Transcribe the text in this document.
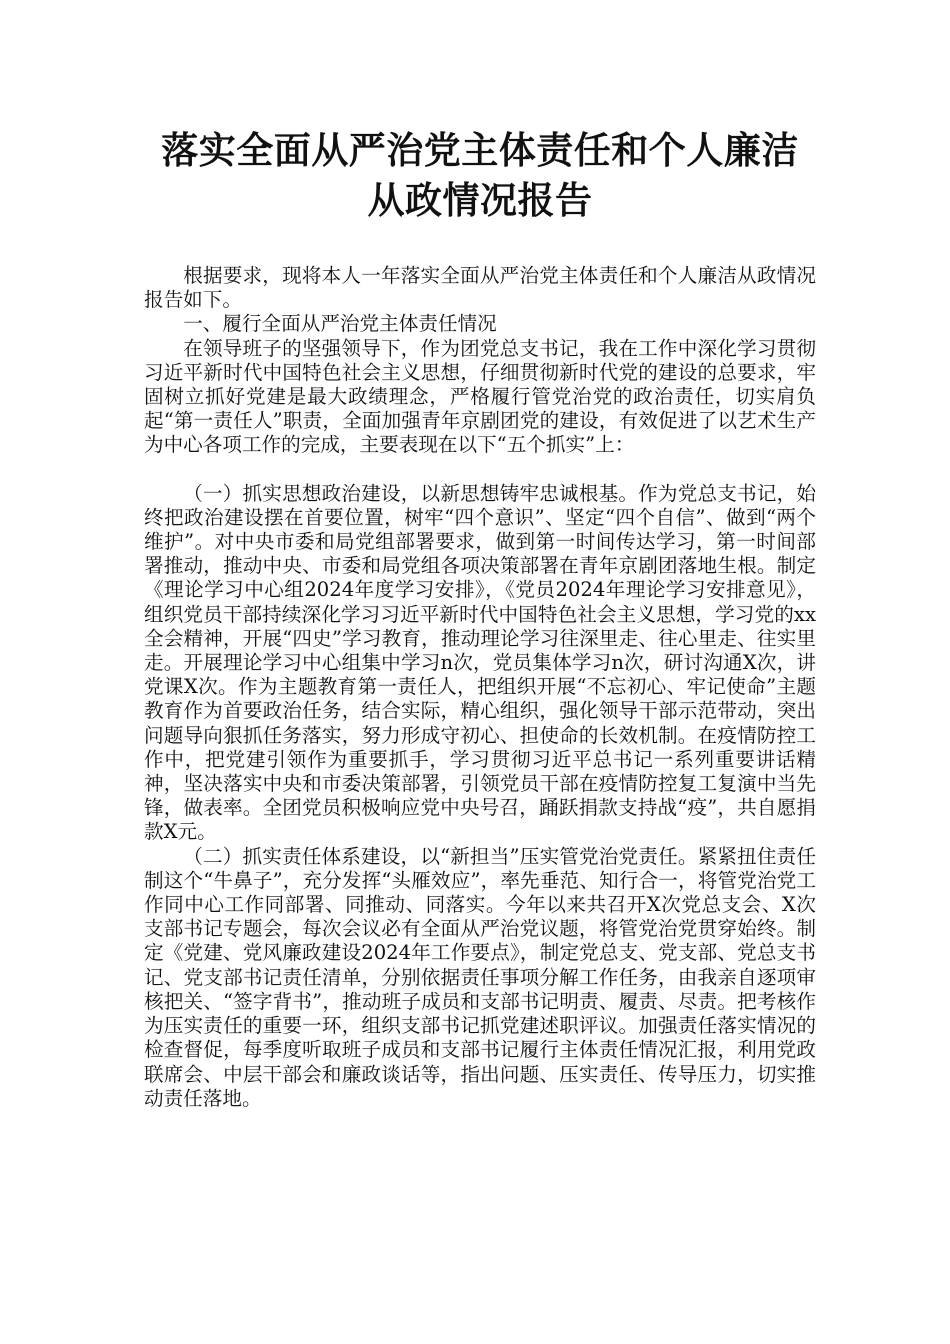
落实全面从严治党主体责任和个人廉洁
从政情况报告

根据要求，现将本人一年落实全面从严治党主体责任和个人廉洁从政情况报告如下。

一、履行全面从严治党主体责任情况

在领导班子的坚强领导下，作为团党总支书记，我在工作中深化学习贯彻习近平新时代中国特色社会主义思想，仔细贯彻新时代党的建设的总要求，牢固树立抓好党建是最大政绩理念，严格履行管党治党的政治责任，切实肩负起“第一责任人”职责，全面加强青年京剧团党的建设，有效促进了以艺术生产为中心各项工作的完成，主要表现在以下“五个抓实”上：

（一）抓实思想政治建设，以新思想铸牢忠诚根基。作为党总支书记，始终把政治建设摆在首要位置，树牢“四个意识”、坚定“四个自信”、做到“两个维护”。对中央市委和局党组部署要求，做到第一时间传达学习，第一时间部署推动，推动中央、市委和局党组各项决策部署在青年京剧团落地生根。制定《理论学习中心组2024年度学习安排》，《党员2024年理论学习安排意见》，组织党员干部持续深化学习习近平新时代中国特色社会主义思想，学习党的xx全会精神，开展“四史”学习教育，推动理论学习往深里走、往心里走、往实里走。开展理论学习中心组集中学习n次，党员集体学习n次，研讨沟通X次，讲党课X次。作为主题教育第一责任人，把组织开展“不忘初心、牢记使命”主题教育作为首要政治任务，结合实际，精心组织，强化领导干部示范带动，突出问题导向狠抓任务落实，努力形成守初心、担使命的长效机制。在疫情防控工作中，把党建引领作为重要抓手，学习贯彻习近平总书记一系列重要讲话精神，坚决落实中央和市委决策部署，引领党员干部在疫情防控复工复演中当先锋，做表率。全团党员积极响应党中央号召，踊跃捐款支持战“疫”，共自愿捐款X元。

（二）抓实责任体系建设，以“新担当”压实管党治党责任。紧紧扭住责任制这个“牛鼻子”，充分发挥“头雁效应”，率先垂范、知行合一，将管党治党工作同中心工作同部署、同推动、同落实。今年以来共召开X次党总支会、X次支部书记专题会，每次会议必有全面从严治党议题，将管党治党贯穿始终。制定《党建、党风廉政建设2024年工作要点》，制定党总支、党支部、党总支书记、党支部书记责任清单，分别依据责任事项分解工作任务，由我亲自逐项审核把关、“签字背书”，推动班子成员和支部书记明责、履责、尽责。把考核作为压实责任的重要一环，组织支部书记抓党建述职评议。加强责任落实情况的检查督促，每季度听取班子成员和支部书记履行主体责任情况汇报，利用党政联席会、中层干部会和廉政谈话等，指出问题、压实责任、传导压力，切实推动责任落地。
